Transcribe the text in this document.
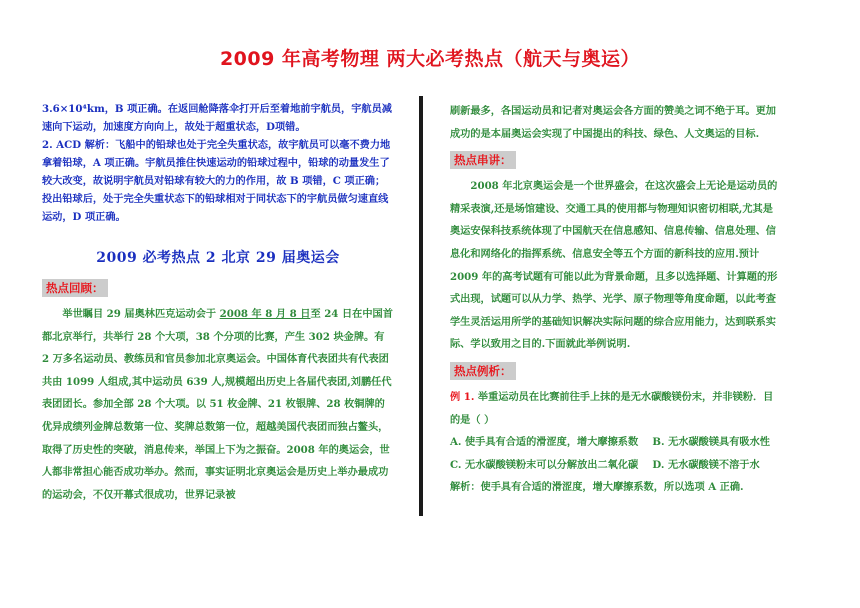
2009 年高考物理 两大必考热点（航天与奥运）

3.6×10⁴km，B 项正确。在返回舱降落伞打开后至着地前宇航员，宇航员减速向下运动，加速度方向向上，故处于超重状态，D项错。

2. ACD 解析：飞船中的铅球也处于完全失重状态，故宇航员可以毫不费力地拿着铅球，A 项正确。宇航员推住快速运动的铅球过程中，铅球的动量发生了较大改变，故说明宇航员对铅球有较大的力的作用，故 B 项错，C 项正确；投出铅球后，处于完全失重状态下的铅球相对于同状态下的宇航员做匀速直线运动，D 项正确。

2009 必考热点 2 北京 29 届奥运会
热点回顾：

举世瞩目 29 届奥林匹克运动会于 2008 年 8 月 8 日至 24 日在中国首都北京举行，共举行 28 个大项，38 个分项的比赛，产生 302 块金牌。有 2 万多名运动员、教练员和官员参加北京奥运会。中国体育代表团共有代表团共由 1099 人组成,其中运动员 639 人,规模超出历史上各届代表团,刘鹏任代表团团长。参加全部 28 个大项。以 51 枚金牌、21 枚银牌、28 枚铜牌的优异成绩列金牌总数第一位、奖牌总数第一位，超越美国代表团而独占鳌头，取得了历史性的突破，消息传来，举国上下为之振奋。2008 年的奥运会，世人都非常担心能否成功举办。然而，事实证明北京奥运会是历史上举办最成功的运动会，不仅开幕式很成功，世界记录被

刷新最多，各国运动员和记者对奥运会各方面的赞美之词不绝于耳。更加成功的是本届奥运会实现了中国提出的科技、绿色、人文奥运的目标.

热点串讲：

2008 年北京奥运会是一个世界盛会，在这次盛会上无论是运动员的精采表演,还是场馆建设、交通工具的使用都与物理知识密切相联,尤其是奥运安保科技系统体现了中国航天在信息感知、信息传输、信息处理、信息化和网络化的指挥系统、信息安全等五个方面的新科技的应用.预计 2009 年的高考试题有可能以此为背景命题，且多以选择题、计算题的形式出现，试题可以从力学、热学、光学、原子物理等角度命题，以此考查学生灵活运用所学的基础知识解决实际问题的综合应用能力，达到联系实际、学以致用之目的.下面就此举例说明.

热点例析：

例 1. 举重运动员在比赛前往手上抹的是无水碳酸镁份末，并非镁粉．目的是（ ）

A. 使手具有合适的滑涩度，增大摩擦系数 B. 无水碳酸镁具有吸水性

C. 无水碳酸镁粉末可以分解放出二氧化碳 D. 无水碳酸镁不溶于水

解析：使手具有合适的滑涩度，增大摩擦系数，所以选项 A 正确.
